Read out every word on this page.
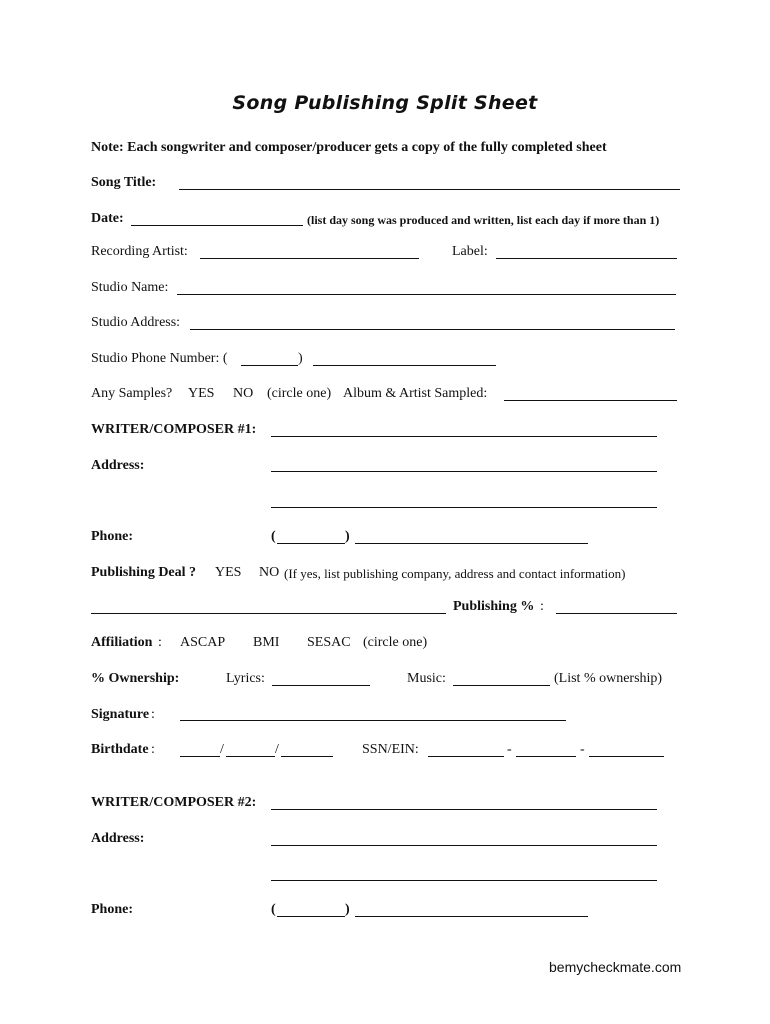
Song Publishing Split Sheet
Note: Each songwriter and composer/producer gets a copy of the fully completed sheet
Song Title:
Date:	(list day song was produced and written, list each day if more than 1)
Recording Artist:	Label:
Studio Name:
Studio Address:
Studio Phone Number: (	)
Any Samples? YES NO (circle one) Album & Artist Sampled:
WRITER/COMPOSER #1:
Address:
Phone:	(	)
Publishing Deal ? YES NO (If yes, list publishing company, address and contact information)
Publishing % :
Affiliation : ASCAP BMI SESAC (circle one)
% Ownership:	Lyrics:	Music:	(List % ownership)
Signature :
Birthdate :	/	/	SSN/EIN:	-	-
WRITER/COMPOSER #2:
Address:
Phone:	(	)
bemycheckmate.com
